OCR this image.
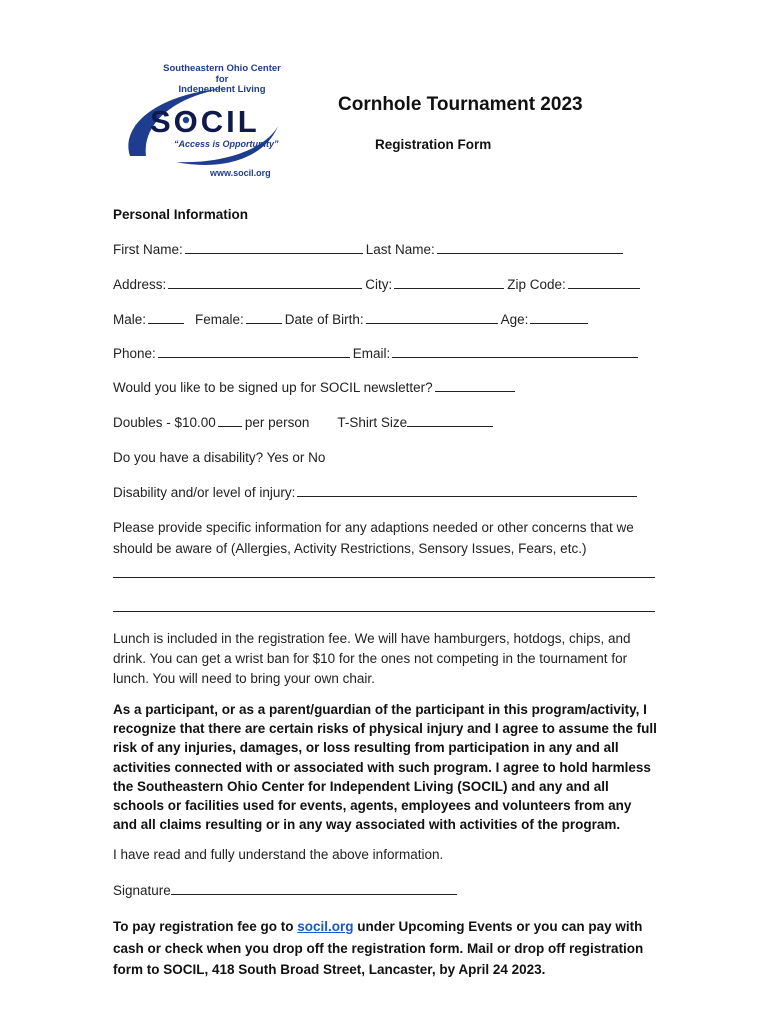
Southeastern Ohio Center
for
Independent Living
SOCIL
“Access is Opportunity”
www.socil.org
Cornhole Tournament 2023
Registration Form
Personal Information
First Name:	Last Name:
Address:	City:	Zip Code:
Male:	Female:	Date of Birth:	Age:
Phone:	Email:
Would you like to be signed up for SOCIL newsletter?
Doubles - $10.00 per person T-Shirt Size
Do you have a disability? Yes or No
Disability and/or level of injury:
Please provide specific information for any adaptions needed or other concerns that we should be aware of (Allergies, Activity Restrictions, Sensory Issues, Fears, etc.)
Lunch is included in the registration fee. We will have hamburgers, hotdogs, chips, and drink. You can get a wrist ban for $10 for the ones not competing in the tournament for lunch. You will need to bring your own chair.
As a participant, or as a parent/guardian of the participant in this program/activity, I recognize that there are certain risks of physical injury and I agree to assume the full risk of any injuries, damages, or loss resulting from participation in any and all activities connected with or associated with such program. I agree to hold harmless the Southeastern Ohio Center for Independent Living (SOCIL) and any and all schools or facilities used for events, agents, employees and volunteers from any and all claims resulting or in any way associated with activities of the program.
I have read and fully understand the above information.
Signature
To pay registration fee go to socil.org under Upcoming Events or you can pay with cash or check when you drop off the registration form. Mail or drop off registration form to SOCIL, 418 South Broad Street, Lancaster, by April 24 2023.
